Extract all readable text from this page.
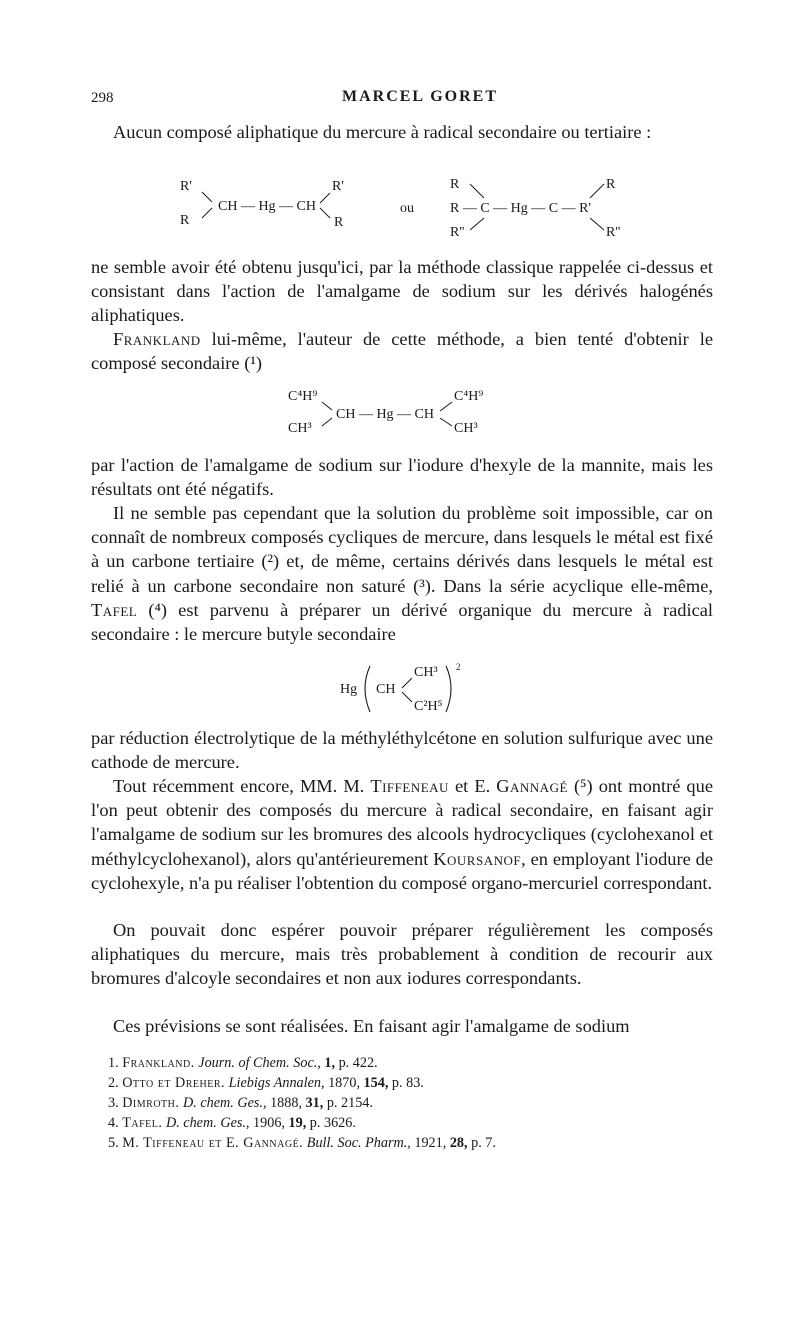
298	MARCEL GORET

Aucun composé aliphatique du mercure à radical secondaire ou tertiaire :

R'
R
CH — Hg — CH
R'
R
ou
R
R — C — Hg — C — R'
R''
R
R''

ne semble avoir été obtenu jusqu'ici, par la méthode classique rappelée ci-dessus et consistant dans l'action de l'amalgame de sodium sur les dérivés halogénés aliphatiques.

Frankland lui-même, l'auteur de cette méthode, a bien tenté d'obtenir le composé secondaire (¹)

C⁴H⁹
CH³
CH — Hg — CH
C⁴H⁹
CH³

par l'action de l'amalgame de sodium sur l'iodure d'hexyle de la mannite, mais les résultats ont été négatifs.

Il ne semble pas cependant que la solution du problème soit impossible, car on connaît de nombreux composés cycliques de mercure, dans lesquels le métal est fixé à un carbone tertiaire (²) et, de même, certains dérivés dans lesquels le métal est relié à un carbone secondaire non saturé (³). Dans la série acyclique elle-même, Tafel (⁴) est parvenu à préparer un dérivé organique du mercure à radical secondaire : le mercure butyle secondaire

Hg CH
CH³
C²H⁵
2

par réduction électrolytique de la méthyléthylcétone en solution sulfurique avec une cathode de mercure.

Tout récemment encore, MM. M. Tiffeneau et E. Gannagé (⁵) ont montré que l'on peut obtenir des composés du mercure à radical secondaire, en faisant agir l'amalgame de sodium sur les bromures des alcools hydrocycliques (cyclohexanol et méthylcyclohexanol), alors qu'antérieurement Koursanof, en employant l'iodure de cyclohexyle, n'a pu réaliser l'obtention du composé organo-mercuriel correspondant.

On pouvait donc espérer pouvoir préparer régulièrement les composés aliphatiques du mercure, mais très probablement à condition de recourir aux bromures d'alcoyle secondaires et non aux iodures correspondants.

Ces prévisions se sont réalisées. En faisant agir l'amalgame de sodium

1. Frankland. Journ. of Chem. Soc., 1, p. 422.
2. Otto et Dreher. Liebigs Annalen, 1870, 154, p. 83.
3. Dimroth. D. chem. Ges., 1888, 31, p. 2154.
4. Tafel. D. chem. Ges., 1906, 19, p. 3626.
5. M. Tiffeneau et E. Gannagé. Bull. Soc. Pharm., 1921, 28, p. 7.
